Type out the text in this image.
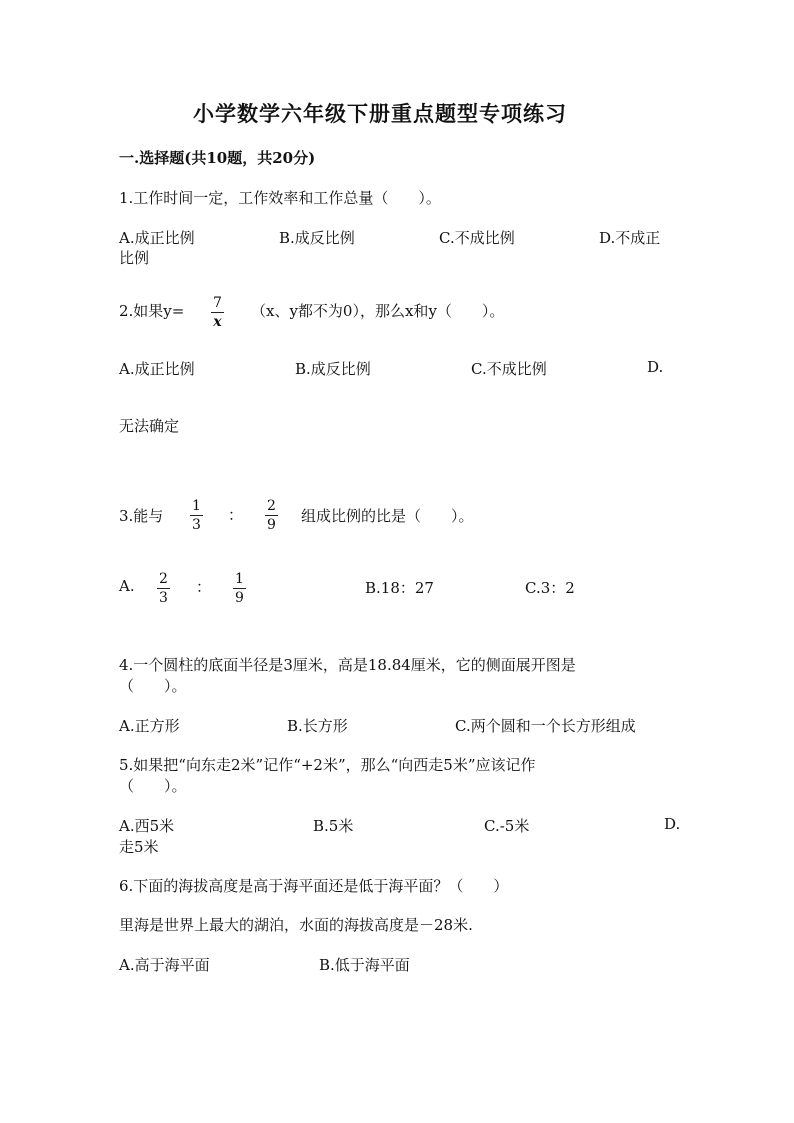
小学数学六年级下册重点题型专项练习
一.选择题(共10题，共20分)
1.工作时间一定，工作效率和工作总量（　　）。
A.成正比例	B.成反比例	C.不成比例	D.不成正
比例
2.如果y= 7
x
（x、y都不为0），那么x和y（　　）。
A.成正比例	B.成反比例	C.不成比例	D.
无法确定
3.能与
1
3
： 2
9 组成比例的比是（　　）。
A. 2
3
： 1
9
B.18：27	C.3：2
4.一个圆柱的底面半径是3厘米，高是18.84厘米，它的侧面展开图是
（　　）。
A.正方形	B.长方形	C.两个圆和一个长方形组成
5.如果把“向东走2米”记作“+2米”，那么“向西走5米”应该记作
（　　）。
A.西5米	B.5米	C.-5米	D.
走5米
6.下面的海拔高度是高于海平面还是低于海平面？（　　）
里海是世界上最大的湖泊，水面的海拔高度是－28米.
A.高于海平面	B.低于海平面
